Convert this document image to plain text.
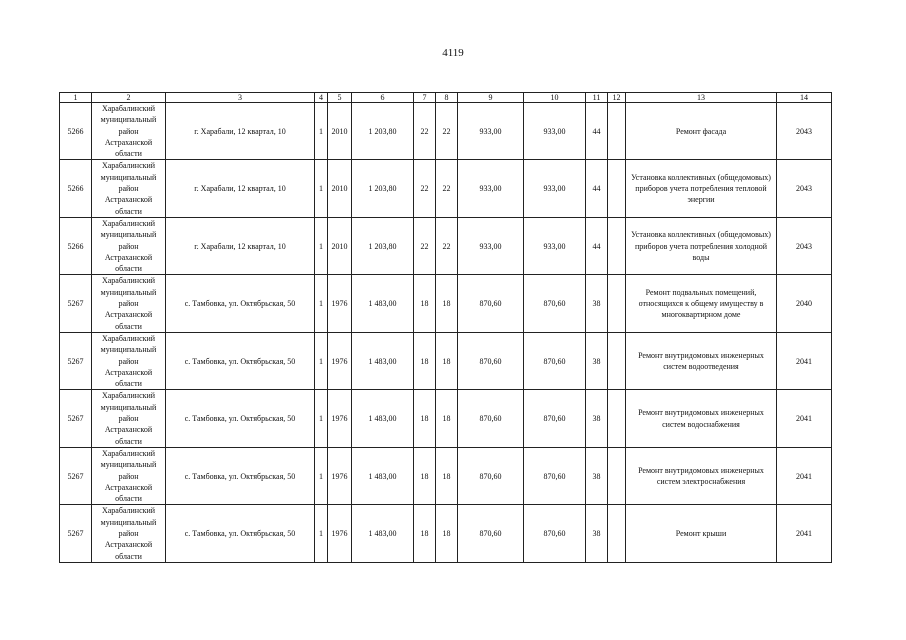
4119
1	2	3	4	5	6	7	8	9	10	11	12	13	14
5266	Харабалинский муниципальный район Астраханской области	г. Харабали, 12 квартал, 10	1	2010	1 203,80	22	22	933,00	933,00	44		Ремонт фасада	2043
5266	Харабалинский муниципальный район Астраханской области	г. Харабали, 12 квартал, 10	1	2010	1 203,80	22	22	933,00	933,00	44		Установка коллективных (общедомовых) приборов учета потребления тепловой энергии	2043
5266	Харабалинский муниципальный район Астраханской области	г. Харабали, 12 квартал, 10	1	2010	1 203,80	22	22	933,00	933,00	44		Установка коллективных (общедомовых) приборов учета потребления холодной воды	2043
5267	Харабалинский муниципальный район Астраханской области	с. Тамбовка, ул. Октябрьская, 50	1	1976	1 483,00	18	18	870,60	870,60	38		Ремонт подвальных помещений, относящихся к общему имуществу в многоквартирном доме	2040
5267	Харабалинский муниципальный район Астраханской области	с. Тамбовка, ул. Октябрьская, 50	1	1976	1 483,00	18	18	870,60	870,60	38		Ремонт внутридомовых инженерных систем водоотведения	2041
5267	Харабалинский муниципальный район Астраханской области	с. Тамбовка, ул. Октябрьская, 50	1	1976	1 483,00	18	18	870,60	870,60	38		Ремонт внутридомовых инженерных систем водоснабжения	2041
5267	Харабалинский муниципальный район Астраханской области	с. Тамбовка, ул. Октябрьская, 50	1	1976	1 483,00	18	18	870,60	870,60	38		Ремонт внутридомовых инженерных систем электроснабжения	2041
5267	Харабалинский муниципальный район Астраханской области	с. Тамбовка, ул. Октябрьская, 50	1	1976	1 483,00	18	18	870,60	870,60	38		Ремонт крыши	2041
